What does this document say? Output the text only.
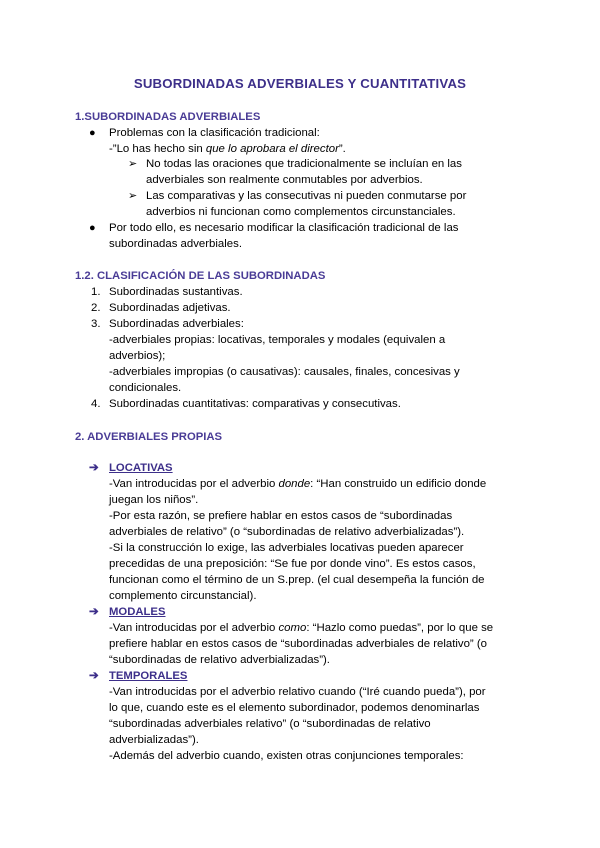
SUBORDINADAS ADVERBIALES Y CUANTITATIVAS
1.SUBORDINADAS ADVERBIALES
● Problemas con la clasificación tradicional:
-”Lo has hecho sin que lo aprobara el director”.
➢ No todas las oraciones que tradicionalmente se incluían en las
adverbiales son realmente conmutables por adverbios.
➢ Las comparativas y las consecutivas ni pueden conmutarse por
adverbios ni funcionan como complementos circunstanciales.
● Por todo ello, es necesario modificar la clasificación tradicional de las
subordinadas adverbiales.
1.2. CLASIFICACIÓN DE LAS SUBORDINADAS
1. Subordinadas sustantivas.
2. Subordinadas adjetivas.
3. Subordinadas adverbiales:
-adverbiales propias: locativas, temporales y modales (equivalen a
adverbios);
-adverbiales impropias (o causativas): causales, finales, concesivas y
condicionales.
4. Subordinadas cuantitativas: comparativas y consecutivas.
2. ADVERBIALES PROPIAS
➔ LOCATIVAS
-Van introducidas por el adverbio donde: “Han construido un edificio donde
juegan los niños”.
-Por esta razón, se prefiere hablar en estos casos de “subordinadas
adverbiales de relativo” (o “subordinadas de relativo adverbializadas”).
-Si la construcción lo exige, las adverbiales locativas pueden aparecer
precedidas de una preposición: “Se fue por donde vino”. Es estos casos,
funcionan como el término de un S.prep. (el cual desempeña la función de
complemento circunstancial).
➔ MODALES
-Van introducidas por el adverbio como: “Hazlo como puedas”, por lo que se
prefiere hablar en estos casos de “subordinadas adverbiales de relativo” (o
“subordinadas de relativo adverbializadas”).
➔ TEMPORALES
-Van introducidas por el adverbio relativo cuando (“Iré cuando pueda”), por
lo que, cuando este es el elemento subordinador, podemos denominarlas
“subordinadas adverbiales relativo” (o “subordinadas de relativo
adverbializadas”).
-Además del adverbio cuando, existen otras conjunciones temporales:
